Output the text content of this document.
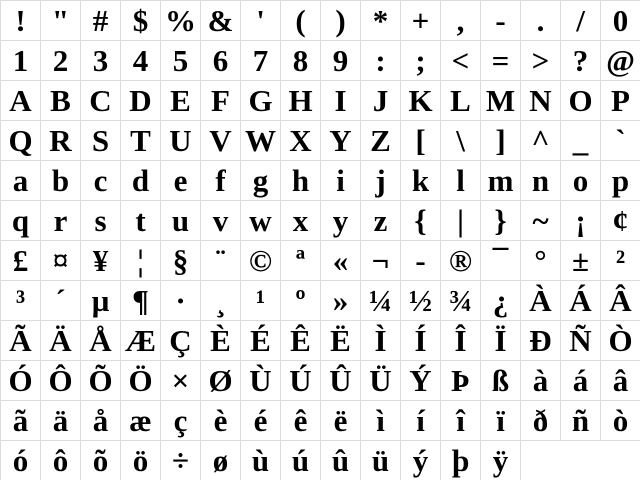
! " # $ % & ' ( ) * + , - .	/ 0
1 2 3 4 5 6 7 8 9 : ; < = > ? @
A B C D E F G H I J K L M N O P
Q R S T U V W X Y Z [ \ ] ^ _ `
a b c d e f g h i j k l m n o p
q r s t u v w x y z { | } ~ ¡ ¢
£ ¤ ¥ ¦ § ¨ © ª « ¬ - ® ¯ ° ± ²
³ ´ µ ¶ · ¸ ¹ º » ¼ ½ ¾ ¿ À Á Â
Ã Ä Å Æ Ç È É Ê Ë Ì Í Î Ï Ð Ñ Ò
Ó Ô Õ Ö × Ø Ù Ú Û Ü Ý Þ ß à á â
ã ä å æ ç è é ê ë ì	í	î	ï ð ñ ò
ó ô õ ö ÷ ø ù ú û ü ý þ ÿ
